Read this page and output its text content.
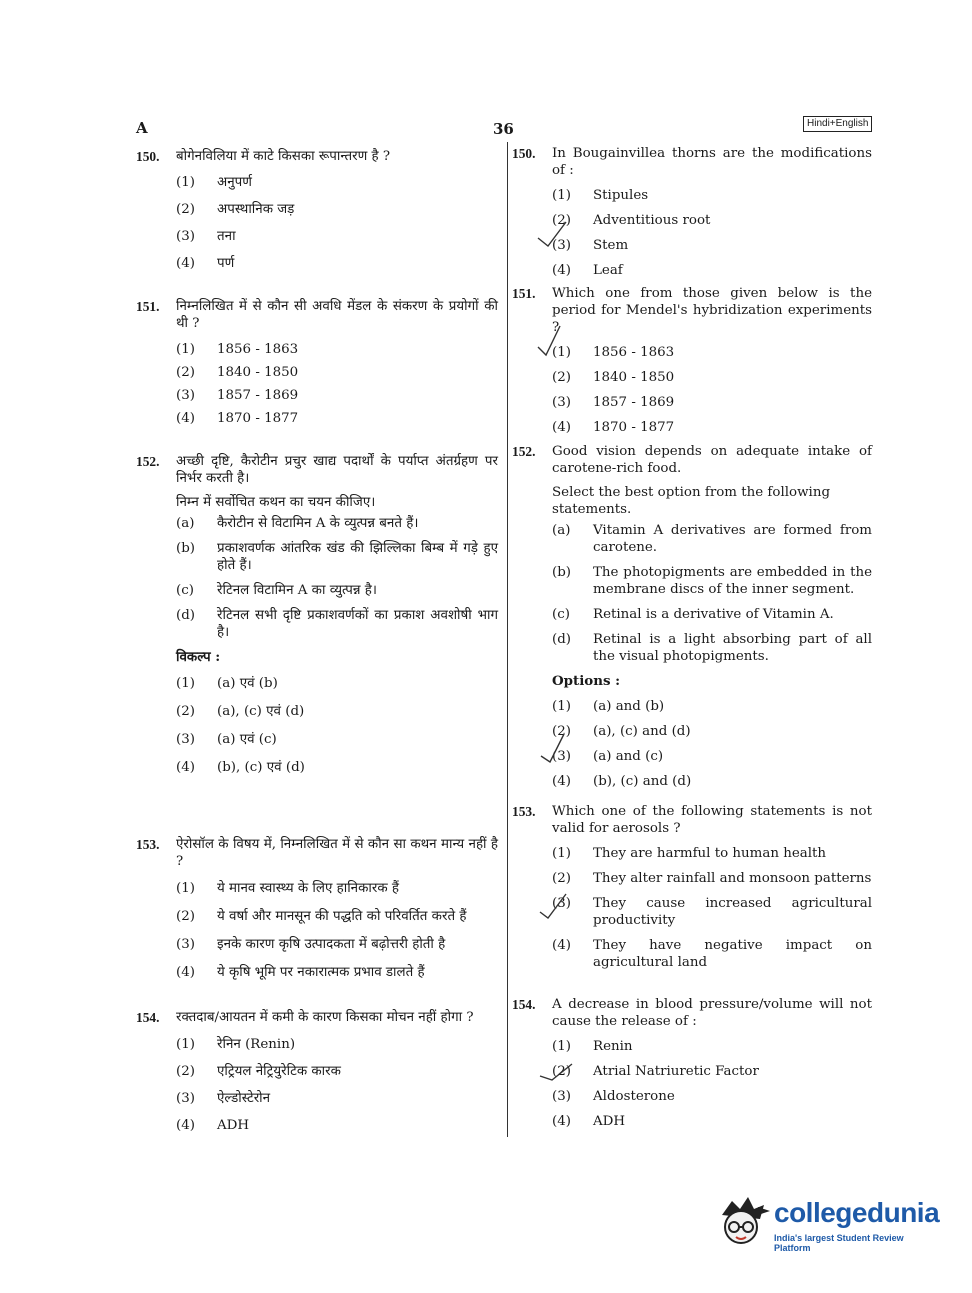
A	36	Hindi+English
150.	बोगेनविलिया में काटे किसका रूपान्तरण है ?
(1)	अनुपर्ण
(2)	अपस्थानिक जड़
(3)	तना
(4)	पर्ण
151.	निम्नलिखित में से कौन सी अवधि मेंडल के संकरण के प्रयोगों की थी ?
(1)	1856 - 1863
(2)	1840 - 1850
(3)	1857 - 1869
(4)	1870 - 1877
152.	अच्छी दृष्टि, कैरोटीन प्रचुर खाद्य पदार्थों के पर्याप्त अंतर्ग्रहण पर निर्भर करती है।
निम्न में सर्वोचित कथन का चयन कीजिए।
(a)	कैरोटीन से विटामिन A के व्युत्पन्न बनते हैं।
(b)	प्रकाशवर्णक आंतरिक खंड की झिल्लिका बिम्ब में गड़े हुए होते हैं।
(c)	रेटिनल विटामिन A का व्युत्पन्न है।
(d)	रेटिनल सभी दृष्टि प्रकाशवर्णकों का प्रकाश अवशोषी भाग है।
विकल्प :
(1)	(a) एवं (b)
(2)	(a), (c) एवं (d)
(3)	(a) एवं (c)
(4)	(b), (c) एवं (d)
153.	ऐरोसॉल के विषय में, निम्नलिखित में से कौन सा कथन मान्य नहीं है ?
(1)	ये मानव स्वास्थ्य के लिए हानिकारक हैं
(2)	ये वर्षा और मानसून की पद्धति को परिवर्तित करते हैं
(3)	इनके कारण कृषि उत्पादकता में बढ़ोत्तरी होती है
(4)	ये कृषि भूमि पर नकारात्मक प्रभाव डालते हैं
154.	रक्तदाब/आयतन में कमी के कारण किसका मोचन नहीं होगा ?
(1)	रेनिन (Renin)
(2)	एट्रियल नेट्रियुरेटिक कारक
(3)	ऐल्डोस्टेरोन
(4)	ADH
150.	In Bougainvillea thorns are the modifications of :
(1)	Stipules
(2)	Adventitious root
(3)	Stem
(4)	Leaf
151.	Which one from those given below is the period for Mendel's hybridization experiments ?
(1)	1856 - 1863
(2)	1840 - 1850
(3)	1857 - 1869
(4)	1870 - 1877
152.	Good vision depends on adequate intake of carotene-rich food.
Select the best option from the following statements.
(a)	Vitamin A derivatives are formed from carotene.
(b)	The photopigments are embedded in the membrane discs of the inner segment.
(c)	Retinal is a derivative of Vitamin A.
(d)	Retinal is a light absorbing part of all the visual photopigments.
Options :
(1)	(a) and (b)
(2)	(a), (c) and (d)
(3)	(a) and (c)
(4)	(b), (c) and (d)
153.	Which one of the following statements is not valid for aerosols ?
(1)	They are harmful to human health
(2)	They alter rainfall and monsoon patterns
(3)	They cause increased agricultural productivity
(4)	They have negative impact on agricultural land
154.	A decrease in blood pressure/volume will not cause the release of :
(1)	Renin
(2)	Atrial Natriuretic Factor
(3)	Aldosterone
(4)	ADH
collegedunia
India's largest Student Review Platform
